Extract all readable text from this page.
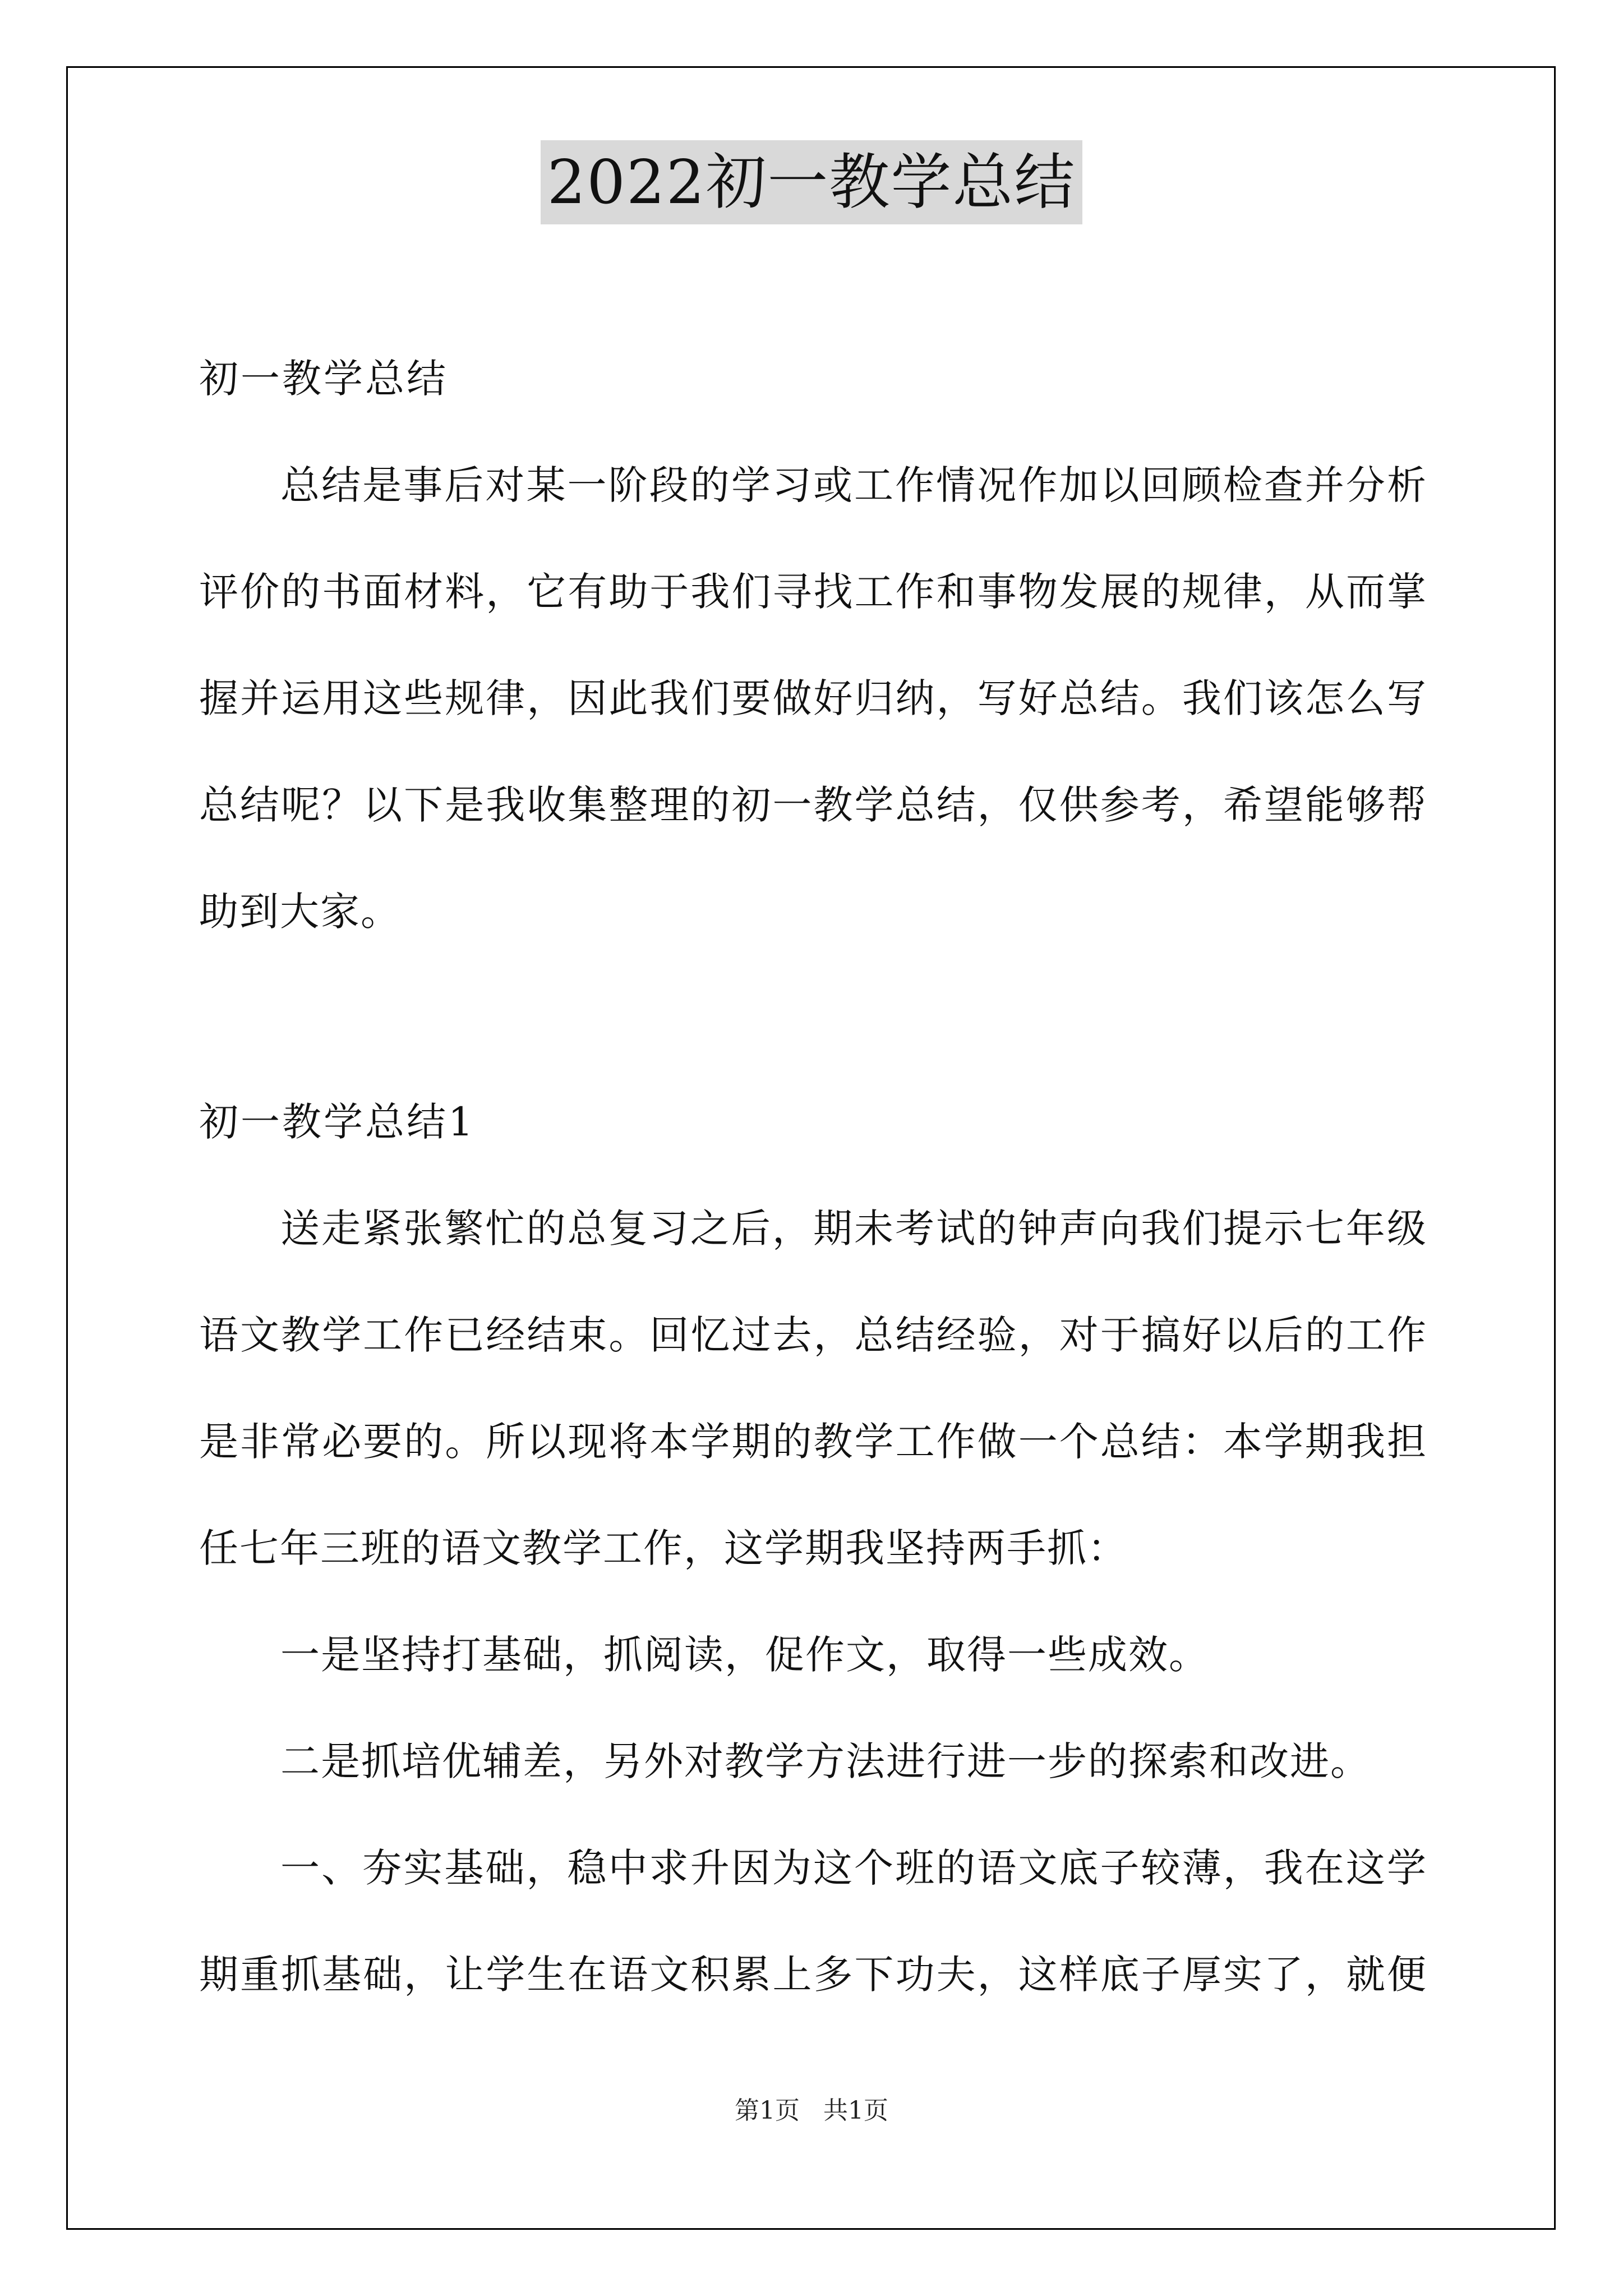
2022初一教学总结
初一教学总结
总结是事后对某一阶段的学习或工作情况作加以回顾检查并分析
评价的书面材料，它有助于我们寻找工作和事物发展的规律，从而掌
握并运用这些规律，因此我们要做好归纳，写好总结。我们该怎么写
总结呢？以下是我收集整理的初一教学总结，仅供参考，希望能够帮
助到大家。
初一教学总结1
送走紧张繁忙的总复习之后，期未考试的钟声向我们提示七年级
语文教学工作已经结束。回忆过去，总结经验，对于搞好以后的工作
是非常必要的。所以现将本学期的教学工作做一个总结：本学期我担
任七年三班的语文教学工作，这学期我坚持两手抓：
一是坚持打基础，抓阅读，促作文，取得一些成效。
二是抓培优辅差，另外对教学方法进行进一步的探索和改进。
一、夯实基础，稳中求升因为这个班的语文底子较薄，我在这学
期重抓基础，让学生在语文积累上多下功夫，这样底子厚实了，就便
第1页   共1页
